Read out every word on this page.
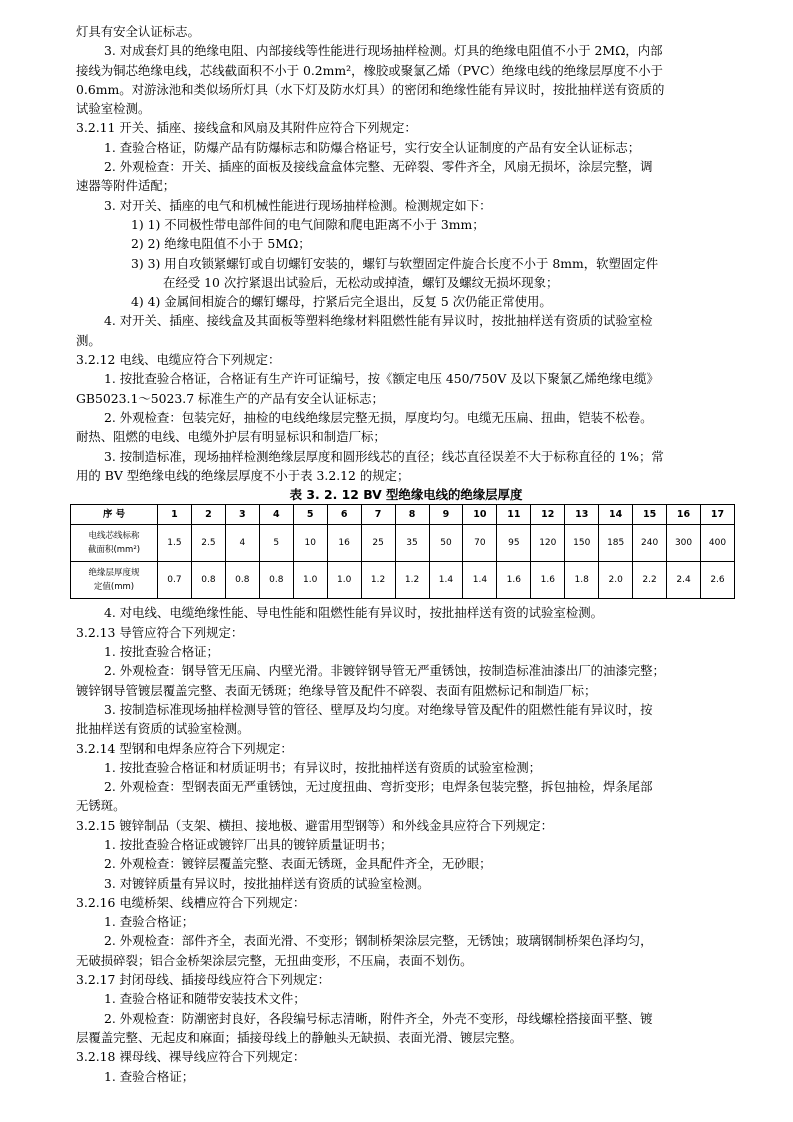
灯具有安全认证标志。
3. 对成套灯具的绝缘电阻、内部接线等性能进行现场抽样检测。灯具的绝缘电阻值不小于 2MΩ，内部
接线为铜芯绝缘电线，芯线截面积不小于 0.2mm²，橡胶或聚氯乙烯（PVC）绝缘电线的绝缘层厚度不小于
0.6mm。对游泳池和类似场所灯具（水下灯及防水灯具）的密闭和绝缘性能有异议时，按批抽样送有资质的
试验室检测。
3.2.11 开关、插座、接线盒和风扇及其附件应符合下列规定：
1. 查验合格证，防爆产品有防爆标志和防爆合格证号，实行安全认证制度的产品有安全认证标志；
2. 外观检查：开关、插座的面板及接线盒盒体完整、无碎裂、零件齐全，风扇无损坏，涂层完整，调
速器等附件适配；
3. 对开关、插座的电气和机械性能进行现场抽样检测。检测规定如下：
1) 1) 不同极性带电部件间的电气间隙和爬电距离不小于 3mm；
2) 2) 绝缘电阻值不小于 5MΩ；
3) 3) 用自攻锁紧螺钉或自切螺钉安装的，螺钉与软塑固定件旋合长度不小于 8mm，软塑固定件
在经受 10 次拧紧退出试验后，无松动或掉渣，螺钉及螺纹无损坏现象；
4) 4) 金属间相旋合的螺钉螺母，拧紧后完全退出，反复 5 次仍能正常使用。
4. 对开关、插座、接线盒及其面板等塑料绝缘材料阻燃性能有异议时，按批抽样送有资质的试验室检
测。
3.2.12 电线、电缆应符合下列规定：
1. 按批查验合格证，合格证有生产许可证编号，按《额定电压 450/750V 及以下聚氯乙烯绝缘电缆》
GB5023.1～5023.7 标准生产的产品有安全认证标志；
2. 外观检查：包装完好，抽检的电线绝缘层完整无损，厚度均匀。电缆无压扁、扭曲，铠装不松卷。
耐热、阻燃的电线、电缆外护层有明显标识和制造厂标；
3. 按制造标准，现场抽样检测绝缘层厚度和圆形线芯的直径；线芯直径误差不大于标称直径的 1%；常
用的 BV 型绝缘电线的绝缘层厚度不小于表 3.2.12 的规定；
表 3. 2. 12 BV 型绝缘电线的绝缘层厚度
序 号	1	2	3	4	5	6	7	8	9	10	11	12	13	14	15	16	17

电线芯线标称
截面积(mm²)	1.5	2.5	4	5	10	16	25	35	50	70	95	120	150	185	240	300	400

绝缘层厚度规
定值(mm)	0.7	0.8	0.8	0.8	1.0	1.0	1.2	1.2	1.4	1.4	1.6	1.6	1.8	2.0	2.2	2.4	2.6
4. 对电线、电缆绝缘性能、导电性能和阻燃性能有异议时，按批抽样送有资的试验室检测。
3.2.13 导管应符合下列规定：
1. 按批查验合格证；
2. 外观检查：钢导管无压扁、内壁光滑。非镀锌钢导管无严重锈蚀，按制造标准油漆出厂的油漆完整；
镀锌钢导管镀层覆盖完整、表面无锈斑；绝缘导管及配件不碎裂、表面有阻燃标记和制造厂标；
3. 按制造标准现场抽样检测导管的管径、壁厚及均匀度。对绝缘导管及配件的阻燃性能有异议时，按
批抽样送有资质的试验室检测。
3.2.14 型钢和电焊条应符合下列规定：
1. 按批查验合格证和材质证明书；有异议时，按批抽样送有资质的试验室检测；
2. 外观检查：型钢表面无严重锈蚀，无过度扭曲、弯折变形；电焊条包装完整，拆包抽检，焊条尾部
无锈斑。
3.2.15 镀锌制品（支架、横担、接地极、避雷用型钢等）和外线金具应符合下列规定：
1. 按批查验合格证或镀锌厂出具的镀锌质量证明书；
2. 外观检查：镀锌层覆盖完整、表面无锈斑，金具配件齐全，无砂眼；
3. 对镀锌质量有异议时，按批抽样送有资质的试验室检测。
3.2.16 电缆桥架、线槽应符合下列规定：
1. 查验合格证；
2. 外观检查：部件齐全，表面光滑、不变形；钢制桥架涂层完整，无锈蚀；玻璃钢制桥架色泽均匀，
无破损碎裂；铝合金桥架涂层完整，无扭曲变形，不压扁，表面不划伤。
3.2.17 封闭母线、插接母线应符合下列规定：
1. 查验合格证和随带安装技术文件；
2. 外观检查：防潮密封良好，各段编号标志清晰，附件齐全，外壳不变形，母线螺栓搭接面平整、镀
层覆盖完整、无起皮和麻面；插接母线上的静触头无缺损、表面光滑、镀层完整。
3.2.18 裸母线、裸导线应符合下列规定：
1. 查验合格证；
